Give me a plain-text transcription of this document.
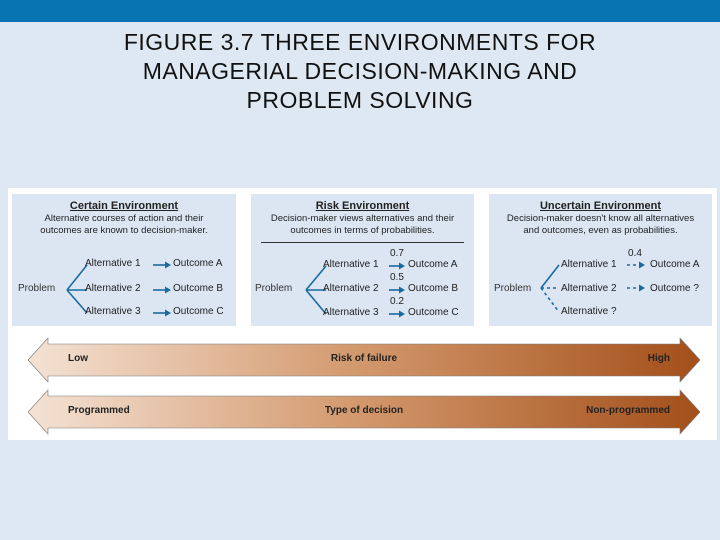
FIGURE 3.7 THREE ENVIRONMENTS FOR
MANAGERIAL DECISION-MAKING AND
PROBLEM SOLVING
Certain Environment
Alternative courses of action and their
outcomes are known to decision-maker.
Problem
Alternative 1
Alternative 2
Alternative 3
Outcome A
Outcome B
Outcome C
Risk Environment
Decision-maker views alternatives and their
outcomes in terms of probabilities.
Problem
Alternative 1
Alternative 2
Alternative 3
0.7
0.5
0.2
Outcome A
Outcome B
Outcome C
Uncertain Environment
Decision-maker doesn't know all alternatives
and outcomes, even as probabilities.
Problem
Alternative 1
Alternative 2
Alternative ?
0.4
Outcome A
Outcome ?
Low	Risk of failure	High
Programmed	Type of decision	Non-programmed
